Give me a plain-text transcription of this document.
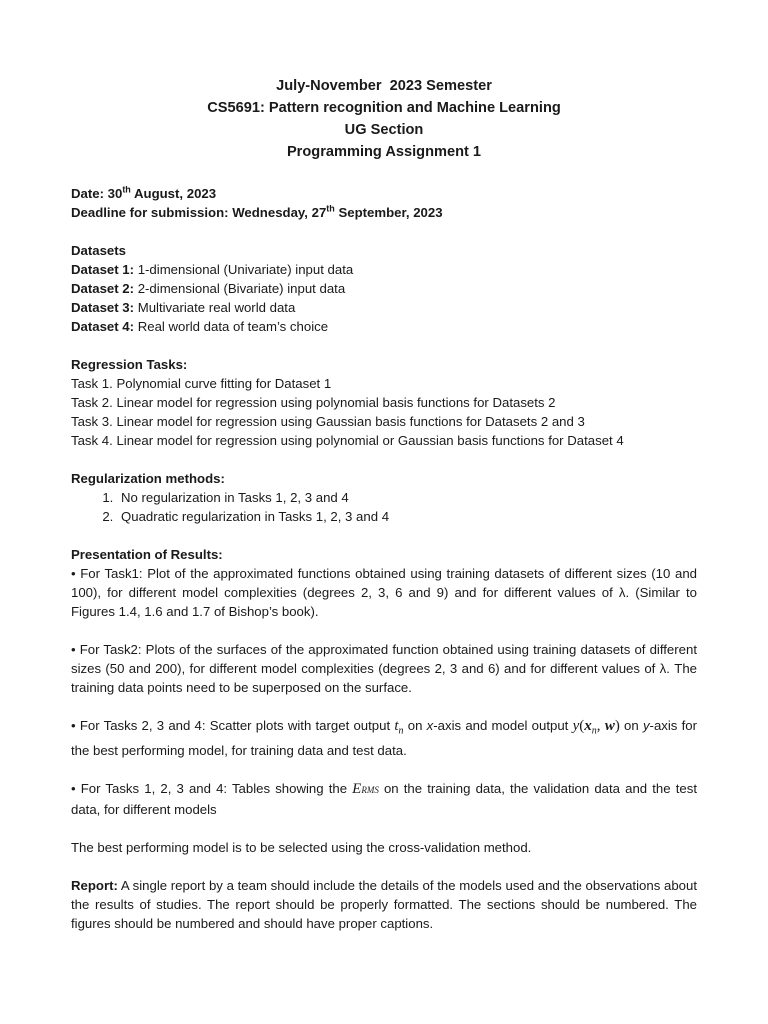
July-November  2023 Semester
CS5691: Pattern recognition and Machine Learning
UG Section
Programming Assignment 1
Date: 30th August, 2023
Deadline for submission: Wednesday, 27th September, 2023
Datasets
Dataset 1: 1-dimensional (Univariate) input data
Dataset 2: 2-dimensional (Bivariate) input data
Dataset 3: Multivariate real world data
Dataset 4: Real world data of team’s choice
Regression Tasks:
Task 1. Polynomial curve fitting for Dataset 1
Task 2. Linear model for regression using polynomial basis functions for Datasets 2
Task 3. Linear model for regression using Gaussian basis functions for Datasets 2 and 3
Task 4. Linear model for regression using polynomial or Gaussian basis functions for Dataset 4
Regularization methods:
1. No regularization in Tasks 1, 2, 3 and 4
2. Quadratic regularization in Tasks 1, 2, 3 and 4
Presentation of Results:
• For Task1: Plot of the approximated functions obtained using training datasets of different sizes (10 and 100), for different model complexities (degrees 2, 3, 6 and 9) and for different values of λ. (Similar to Figures 1.4, 1.6 and 1.7 of Bishop’s book).
• For Task2: Plots of the surfaces of the approximated function obtained using training datasets of different sizes (50 and 200), for different model complexities (degrees 2, 3 and 6) and for different values of λ. The training data points need to be superposed on the surface.
• For Tasks 2, 3 and 4: Scatter plots with target output $t_n$ on x-axis and model output $y(x_n$, w) on y-axis for the best performing model, for training data and test data.
• For Tasks 1, 2, 3 and 4: Tables showing the ERMS on the training data, the validation data and the test data, for different models
The best performing model is to be selected using the cross-validation method.
Report: A single report by a team should include the details of the models used and the observations about the results of studies. The report should be properly formatted. The sections should be numbered. The figures should be numbered and should have proper captions.
